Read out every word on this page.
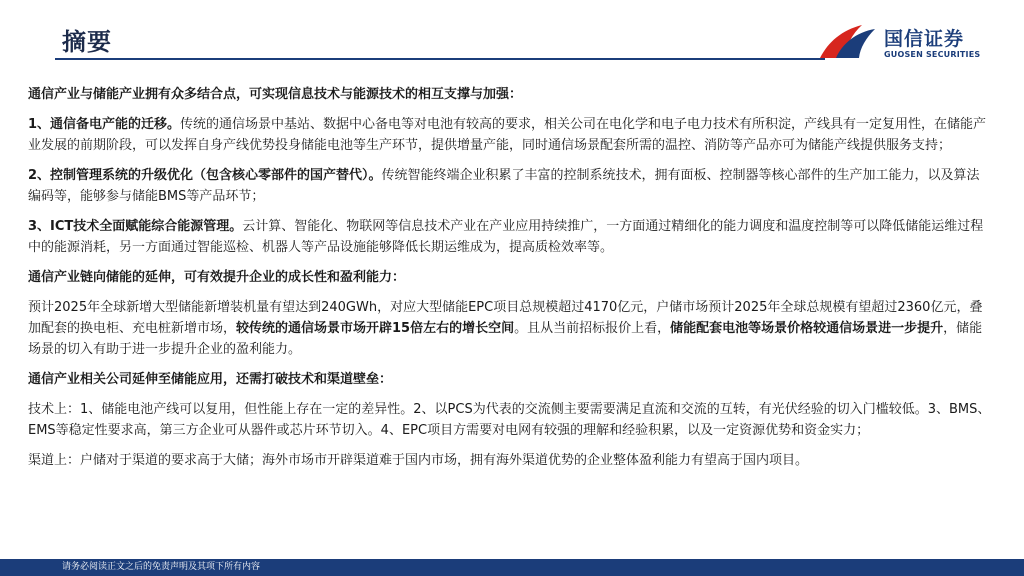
摘要	国信证券
GUOSEN SECURITIES

通信产业与储能产业拥有众多结合点，可实现信息技术与能源技术的相互支撑与加强：

1、通信备电产能的迁移。传统的通信场景中基站、数据中心备电等对电池有较高的要求，相关公司在电化学和电子电力技术有所积淀，产线具有一定复用性，在储能产业发展的前期阶段，可以发挥自身产线优势投身储能电池等生产环节，提供增量产能，同时通信场景配套所需的温控、消防等产品亦可为储能产线提供服务支持；

2、控制管理系统的升级优化（包含核心零部件的国产替代）。传统智能终端企业积累了丰富的控制系统技术，拥有面板、控制器等核心部件的生产加工能力，以及算法编码等，能够参与储能BMS等产品环节；

3、ICT技术全面赋能综合能源管理。云计算、智能化、物联网等信息技术产业在产业应用持续推广，一方面通过精细化的能力调度和温度控制等可以降低储能运维过程中的能源消耗，另一方面通过智能巡检、机器人等产品设施能够降低长期运维成为，提高质检效率等。

通信产业链向储能的延伸，可有效提升企业的成长性和盈利能力：

预计2025年全球新增大型储能新增装机量有望达到240GWh，对应大型储能EPC项目总规模超过4170亿元，户储市场预计2025年全球总规模有望超过2360亿元，叠加配套的换电柜、充电桩新增市场，较传统的通信场景市场开辟15倍左右的增长空间。且从当前招标报价上看，储能配套电池等场景价格较通信场景进一步提升，储能场景的切入有助于进一步提升企业的盈利能力。

通信产业相关公司延伸至储能应用，还需打破技术和渠道壁垒：

技术上：1、储能电池产线可以复用，但性能上存在一定的差异性。2、以PCS为代表的交流侧主要需要满足直流和交流的互转，有光伏经验的切入门槛较低。3、BMS、EMS等稳定性要求高，第三方企业可从器件或芯片环节切入。4、EPC项目方需要对电网有较强的理解和经验积累，以及一定资源优势和资金实力；

渠道上：户储对于渠道的要求高于大储；海外市场市开辟渠道难于国内市场，拥有海外渠道优势的企业整体盈利能力有望高于国内项目。

请务必阅读正文之后的免责声明及其项下所有内容
